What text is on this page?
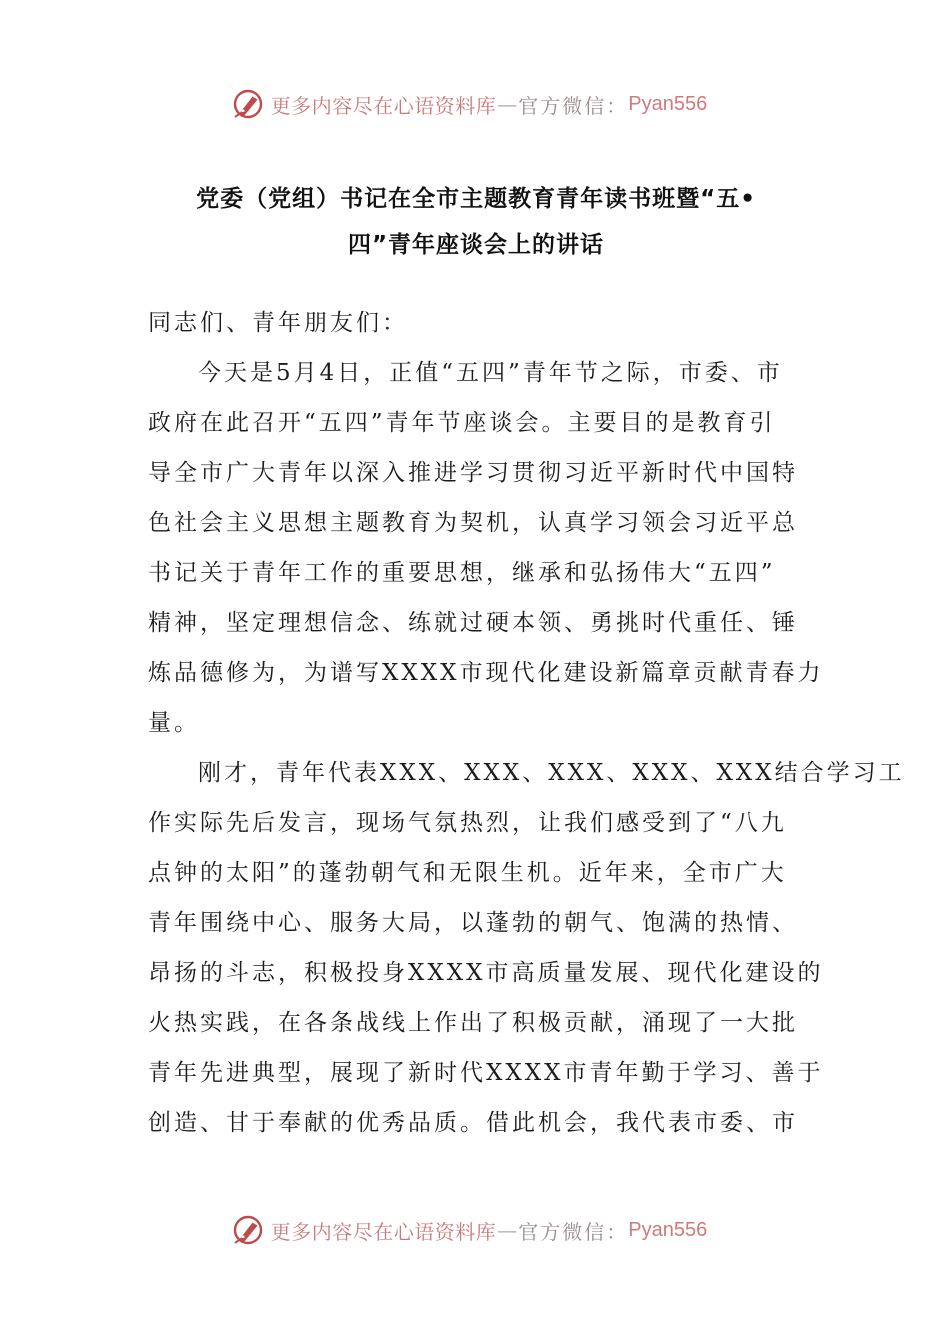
更多内容尽在心语资料库 — 官方微信： Pyan556
党委（党组）书记在全市主题教育青年读书班暨“五•
四”青年座谈会上的讲话
同志们、青年朋友们：
今天是5月4日，正值“五四”青年节之际，市委、市
政府在此召开“五四”青年节座谈会。主要目的是教育引
导全市广大青年以深入推进学习贯彻习近平新时代中国特
色社会主义思想主题教育为契机，认真学习领会习近平总
书记关于青年工作的重要思想，继承和弘扬伟大“五四”
精神，坚定理想信念、练就过硬本领、勇挑时代重任、锤
炼品德修为，为谱写XXXX市现代化建设新篇章贡献青春力
量。
刚才，青年代表XXX、XXX、XXX、XXX、XXX结合学习工
作实际先后发言，现场气氛热烈，让我们感受到了“八九
点钟的太阳”的蓬勃朝气和无限生机。近年来，全市广大
青年围绕中心、服务大局，以蓬勃的朝气、饱满的热情、
昂扬的斗志，积极投身XXXX市高质量发展、现代化建设的
火热实践，在各条战线上作出了积极贡献，涌现了一大批
青年先进典型，展现了新时代XXXX市青年勤于学习、善于
创造、甘于奉献的优秀品质。借此机会，我代表市委、市
更多内容尽在心语资料库 — 官方微信： Pyan556
